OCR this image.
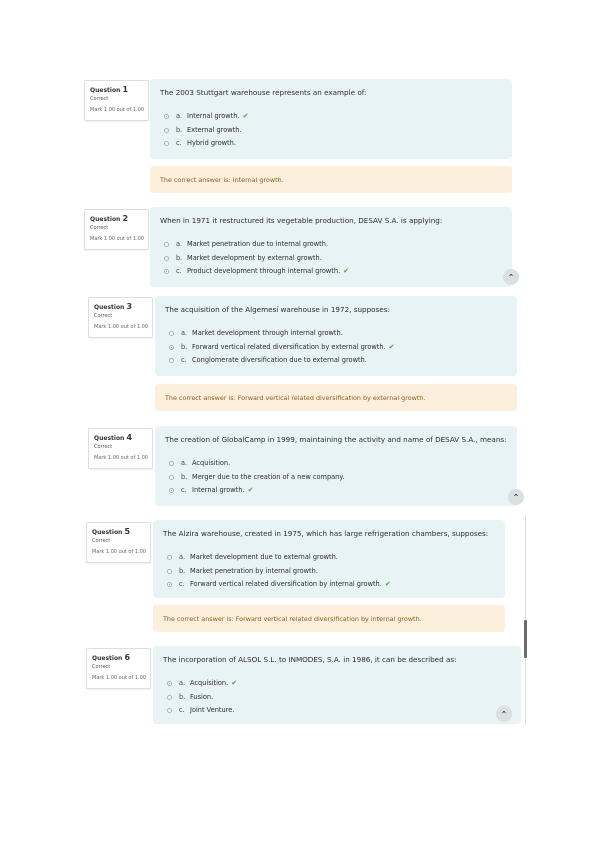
Question 1
Correct
Mark 1.00 out of 1.00
The 2003 Stuttgart warehouse represents an example of:
a. Internal growth. ✔
b. External growth.
c. Hybrid growth.
The correct answer is: Internal growth.
Question 2
Correct
Mark 1.00 out of 1.00
When in 1971 it restructured its vegetable production, DESAV S.A. is applying:
a. Market penetration due to internal growth.
b. Market development by external growth.
c. Product development through internal growth. ✔
⌃
Question 3
Correct
Mark 1.00 out of 1.00
The acquisition of the Algemesí warehouse in 1972, supposes:
a. Market development through internal growth.
b. Forward vertical related diversification by external growth. ✔
c. Conglomerate diversification due to external growth.
The correct answer is: Forward vertical related diversification by external growth.
Question 4
Correct
Mark 1.00 out of 1.00
The creation of GlobalCamp in 1999, maintaining the activity and name of DESAV S.A., means:
a. Acquisition.
b. Merger due to the creation of a new company.
c. Internal growth. ✔
⌃
Question 5
Correct
Mark 1.00 out of 1.00
The Alzira warehouse, created in 1975, which has large refrigeration chambers, supposes:
a. Market development due to external growth.
b. Market penetration by internal growth.
c. Forward vertical related diversification by internal growth. ✔
The correct answer is: Forward vertical related diversification by internal growth.
Question 6
Correct
Mark 1.00 out of 1.00
The incorporation of ALSOL S.L. to INMODES, S.A. in 1986, it can be described as:
a. Acquisition. ✔
b. Fusion.
c. Joint Venture.	⌃
